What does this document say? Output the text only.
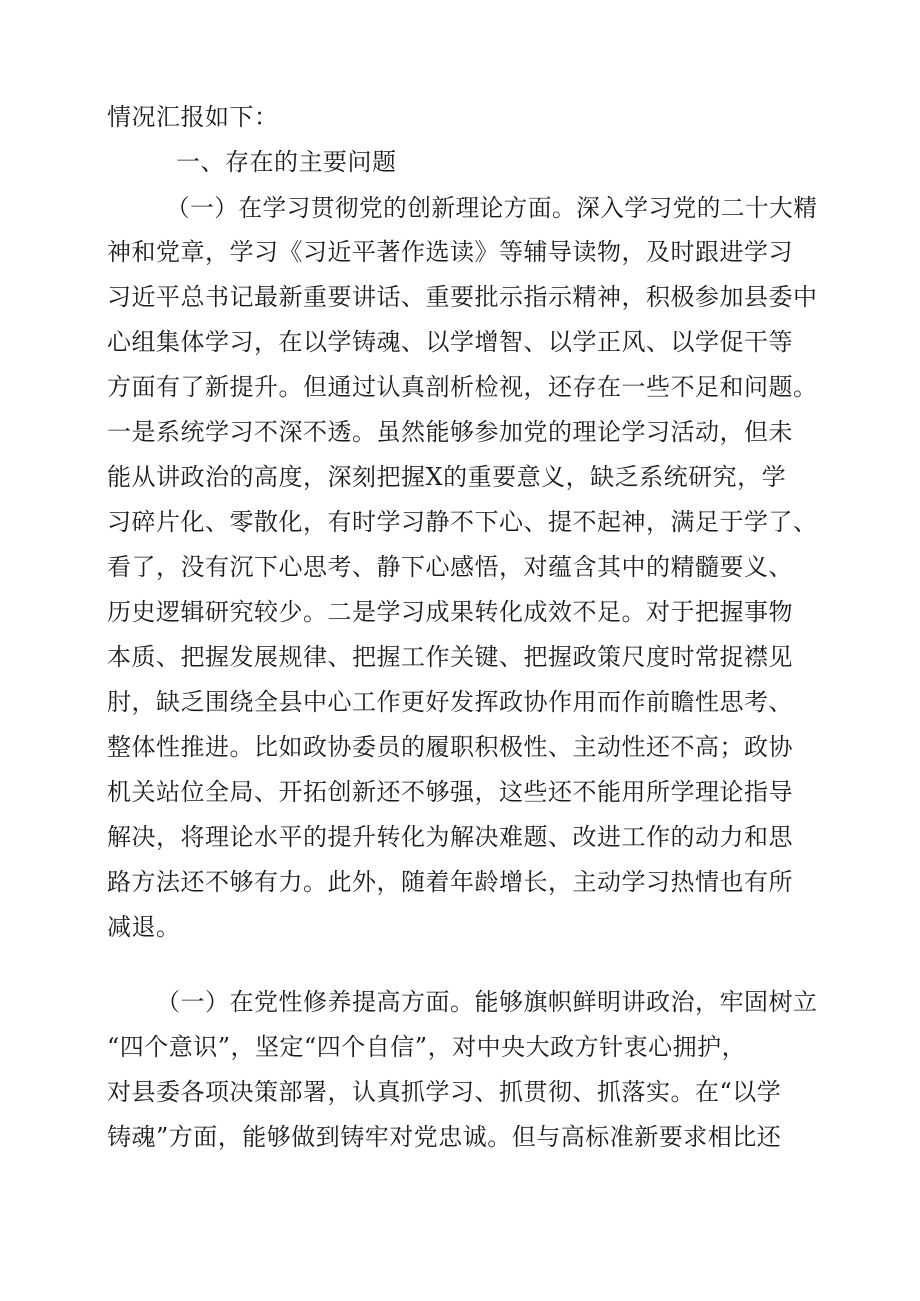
情况汇报如下：
一、存在的主要问题
（一）在学习贯彻党的创新理论方面。深入学习党的二十大精
神和党章，学习《习近平著作选读》等辅导读物，及时跟进学习
习近平总书记最新重要讲话、重要批示指示精神，积极参加县委中
心组集体学习，在以学铸魂、以学增智、以学正风、以学促干等
方面有了新提升。但通过认真剖析检视，还存在一些不足和问题。
一是系统学习不深不透。虽然能够参加党的理论学习活动，但未
能从讲政治的高度，深刻把握X的重要意义，缺乏系统研究，学
习碎片化、零散化，有时学习静不下心、提不起神，满足于学了、
看了，没有沉下心思考、静下心感悟，对蕴含其中的精髓要义、
历史逻辑研究较少。二是学习成果转化成效不足。对于把握事物
本质、把握发展规律、把握工作关键、把握政策尺度时常捉襟见
肘，缺乏围绕全县中心工作更好发挥政协作用而作前瞻性思考、
整体性推进。比如政协委员的履职积极性、主动性还不高；政协
机关站位全局、开拓创新还不够强，这些还不能用所学理论指导
解决，将理论水平的提升转化为解决难题、改进工作的动力和思
路方法还不够有力。此外，随着年龄增长，主动学习热情也有所
减退。
（一）在党性修养提高方面。能够旗帜鲜明讲政治，牢固树立
“四个意识”，坚定“四个自信”，对中央大政方针衷心拥护，
对县委各项决策部署，认真抓学习、抓贯彻、抓落实。在“以学
铸魂”方面，能够做到铸牢对党忠诚。但与高标准新要求相比还
